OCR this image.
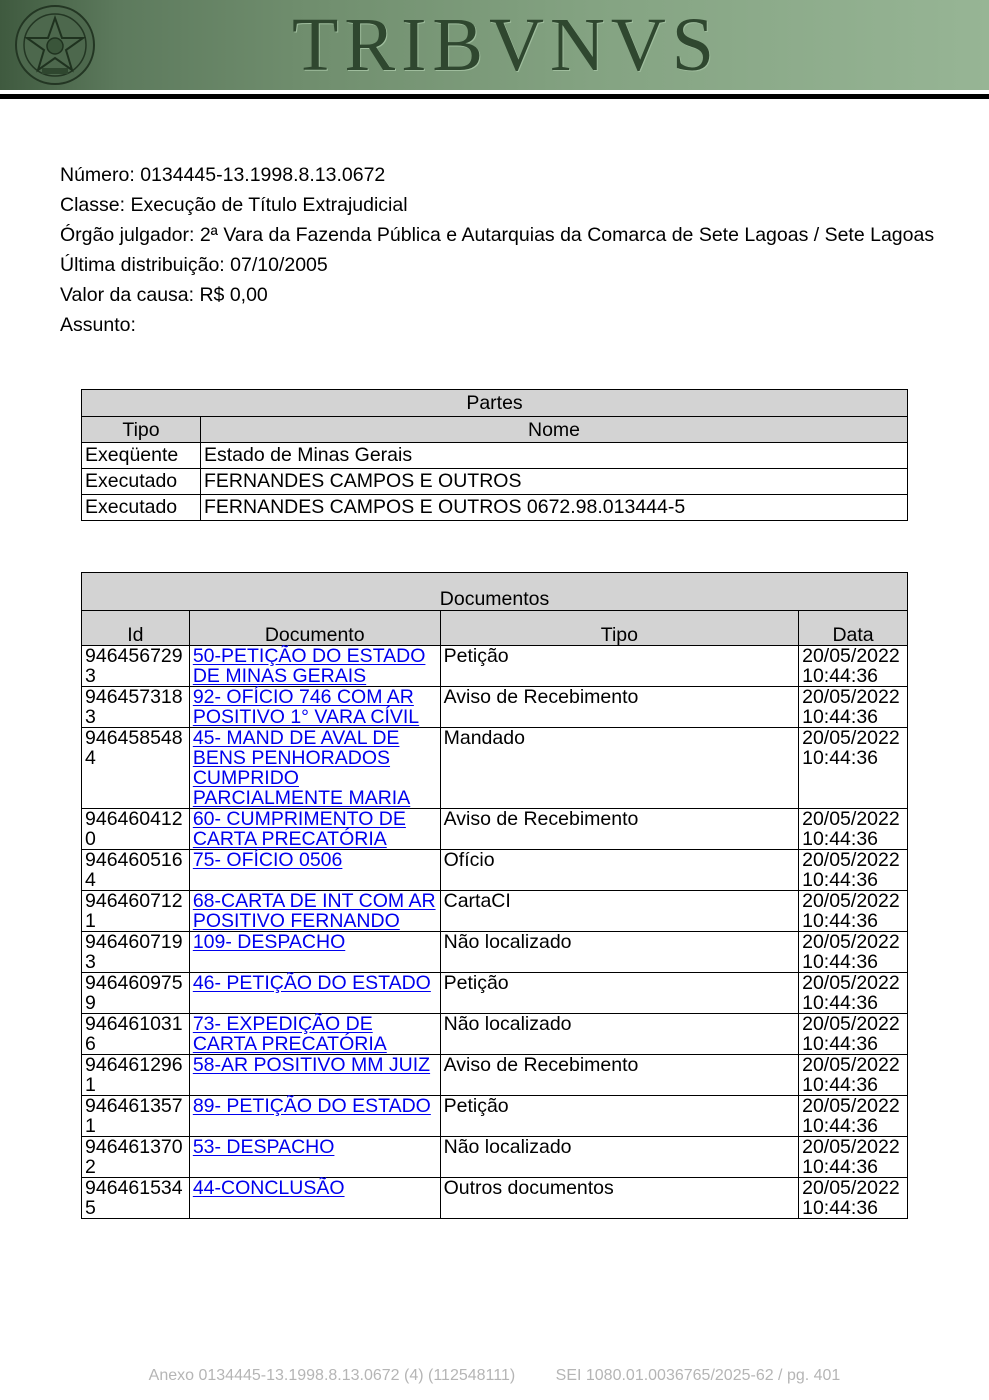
TRIBVNVS
Número: 0134445-13.1998.8.13.0672
Classe: Execução de Título Extrajudicial
Órgão julgador: 2ª Vara da Fazenda Pública e Autarquias da Comarca de Sete Lagoas / Sete Lagoas
Última distribuição: 07/10/2005
Valor da causa: R$ 0,00
Assunto:
Partes	
Tipo	Nome
Exeqüente	Estado de Minas Gerais
Executado	FERNANDES CAMPOS E OUTROS
Executado	FERNANDES CAMPOS E OUTROS 0672.98.013444-5
Documentos			
Id	Documento	Tipo	Data
9464567293	50-PETIÇÃO DO ESTADO DE MINAS GERAIS	Petição	20/05/2022 10:44:36
9464573183	92- OFÍCIO 746 COM AR POSITIVO 1° VARA CÍVIL	Aviso de Recebimento	20/05/2022 10:44:36
9464585484	45- MAND DE AVAL DE BENS PENHORADOS CUMPRIDO PARCIALMENTE MARIA	Mandado	20/05/2022 10:44:36
9464604120	60- CUMPRIMENTO DE CARTA PRECATÓRIA	Aviso de Recebimento	20/05/2022 10:44:36
9464605164	75- OFÍCIO 0506	Ofício	20/05/2022 10:44:36
9464607121	68-CARTA DE INT COM AR POSITIVO FERNANDO	CartaCI	20/05/2022 10:44:36
9464607193	109- DESPACHO	Não localizado	20/05/2022 10:44:36
9464609759	46- PETIÇÃO DO ESTADO	Petição	20/05/2022 10:44:36
9464610316	73- EXPEDIÇÃO DE CARTA PRECATÓRIA	Não localizado	20/05/2022 10:44:36
9464612961	58-AR POSITIVO MM JUIZ	Aviso de Recebimento	20/05/2022 10:44:36
9464613571	89- PETIÇÃO DO ESTADO	Petição	20/05/2022 10:44:36
9464613702	53- DESPACHO	Não localizado	20/05/2022 10:44:36
9464615345	44-CONCLUSÃO	Outros documentos	20/05/2022 10:44:36
Anexo 0134445-13.1998.8.13.0672 (4) (112548111)	SEI 1080.01.0036765/2025-62 / pg. 401
